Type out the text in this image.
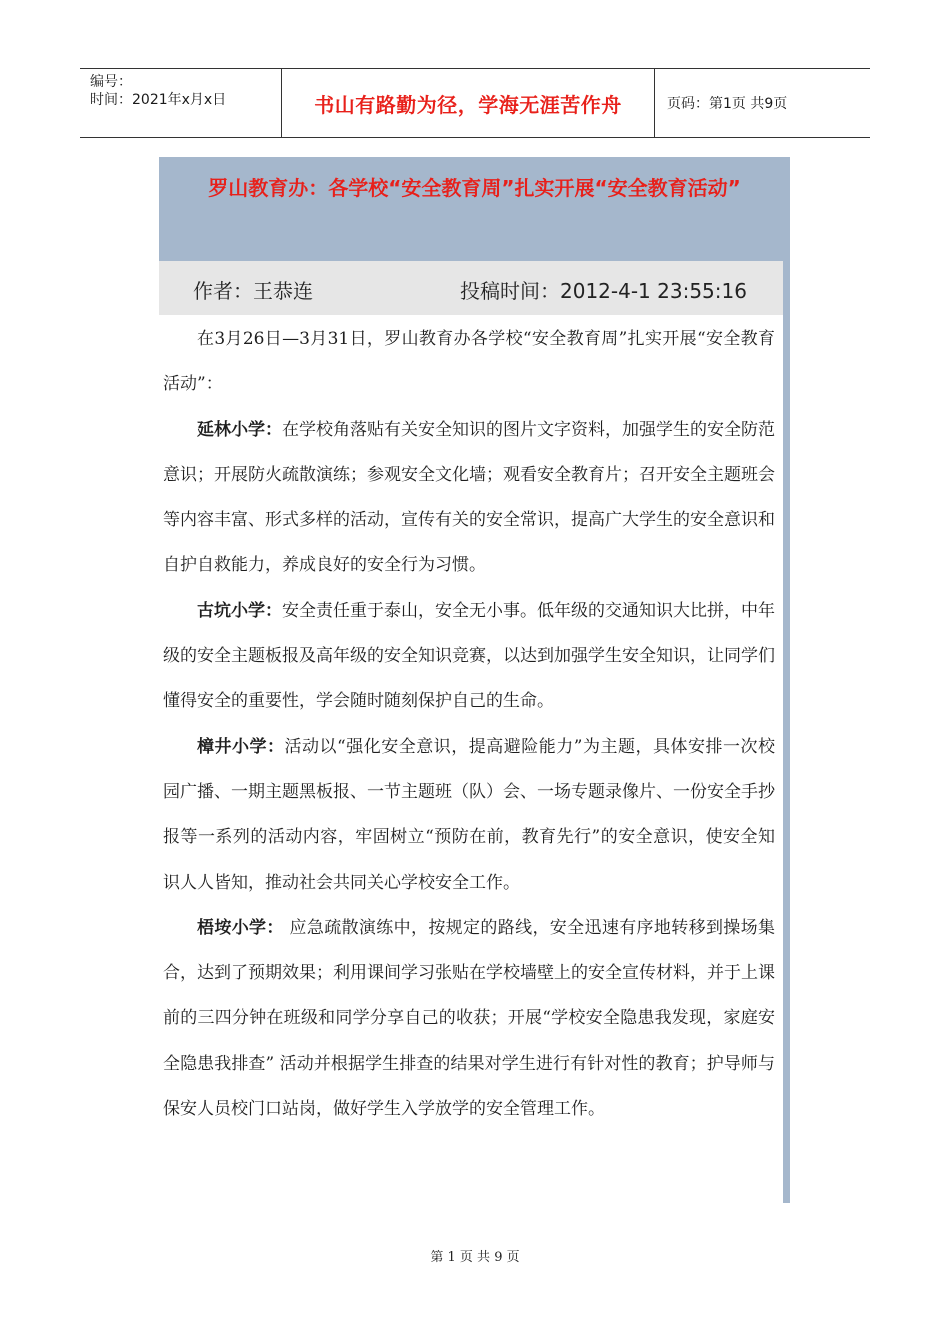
编号：
时间：2021年x月x日	书山有路勤为径，学海无涯苦作舟	页码：第1页 共9页
罗山教育办：各学校“安全教育周”扎实开展“安全教育活动”
作者：王恭连	投稿时间：2012-4-1 23:55:16

在3月26日—3月31日，罗山教育办各学校“安全教育周”扎实开展“安全教育活动”：

延林小学：在学校角落贴有关安全知识的图片文字资料，加强学生的安全防范意识；开展防火疏散演练；参观安全文化墙；观看安全教育片；召开安全主题班会等内容丰富、形式多样的活动，宣传有关的安全常识，提高广大学生的安全意识和自护自救能力，养成良好的安全行为习惯。

古坑小学：安全责任重于泰山，安全无小事。低年级的交通知识大比拼，中年级的安全主题板报及高年级的安全知识竞赛，以达到加强学生安全知识，让同学们懂得安全的重要性，学会随时随刻保护自己的生命。

樟井小学：活动以“强化安全意识，提高避险能力”为主题，具体安排一次校园广播、一期主题黑板报、一节主题班（队）会、一场专题录像片、一份安全手抄报等一系列的活动内容，牢固树立“预防在前，教育先行”的安全意识，使安全知识人人皆知，推动社会共同关心学校安全工作。

梧垵小学： 应急疏散演练中，按规定的路线，安全迅速有序地转移到操场集合，达到了预期效果；利用课间学习张贴在学校墙壁上的安全宣传材料，并于上课前的三四分钟在班级和同学分享自己的收获；开展“学校安全隐患我发现，家庭安全隐患我排查” 活动并根据学生排查的结果对学生进行有针对性的教育；护导师与保安人员校门口站岗，做好学生入学放学的安全管理工作。

第 1 页 共 9 页
